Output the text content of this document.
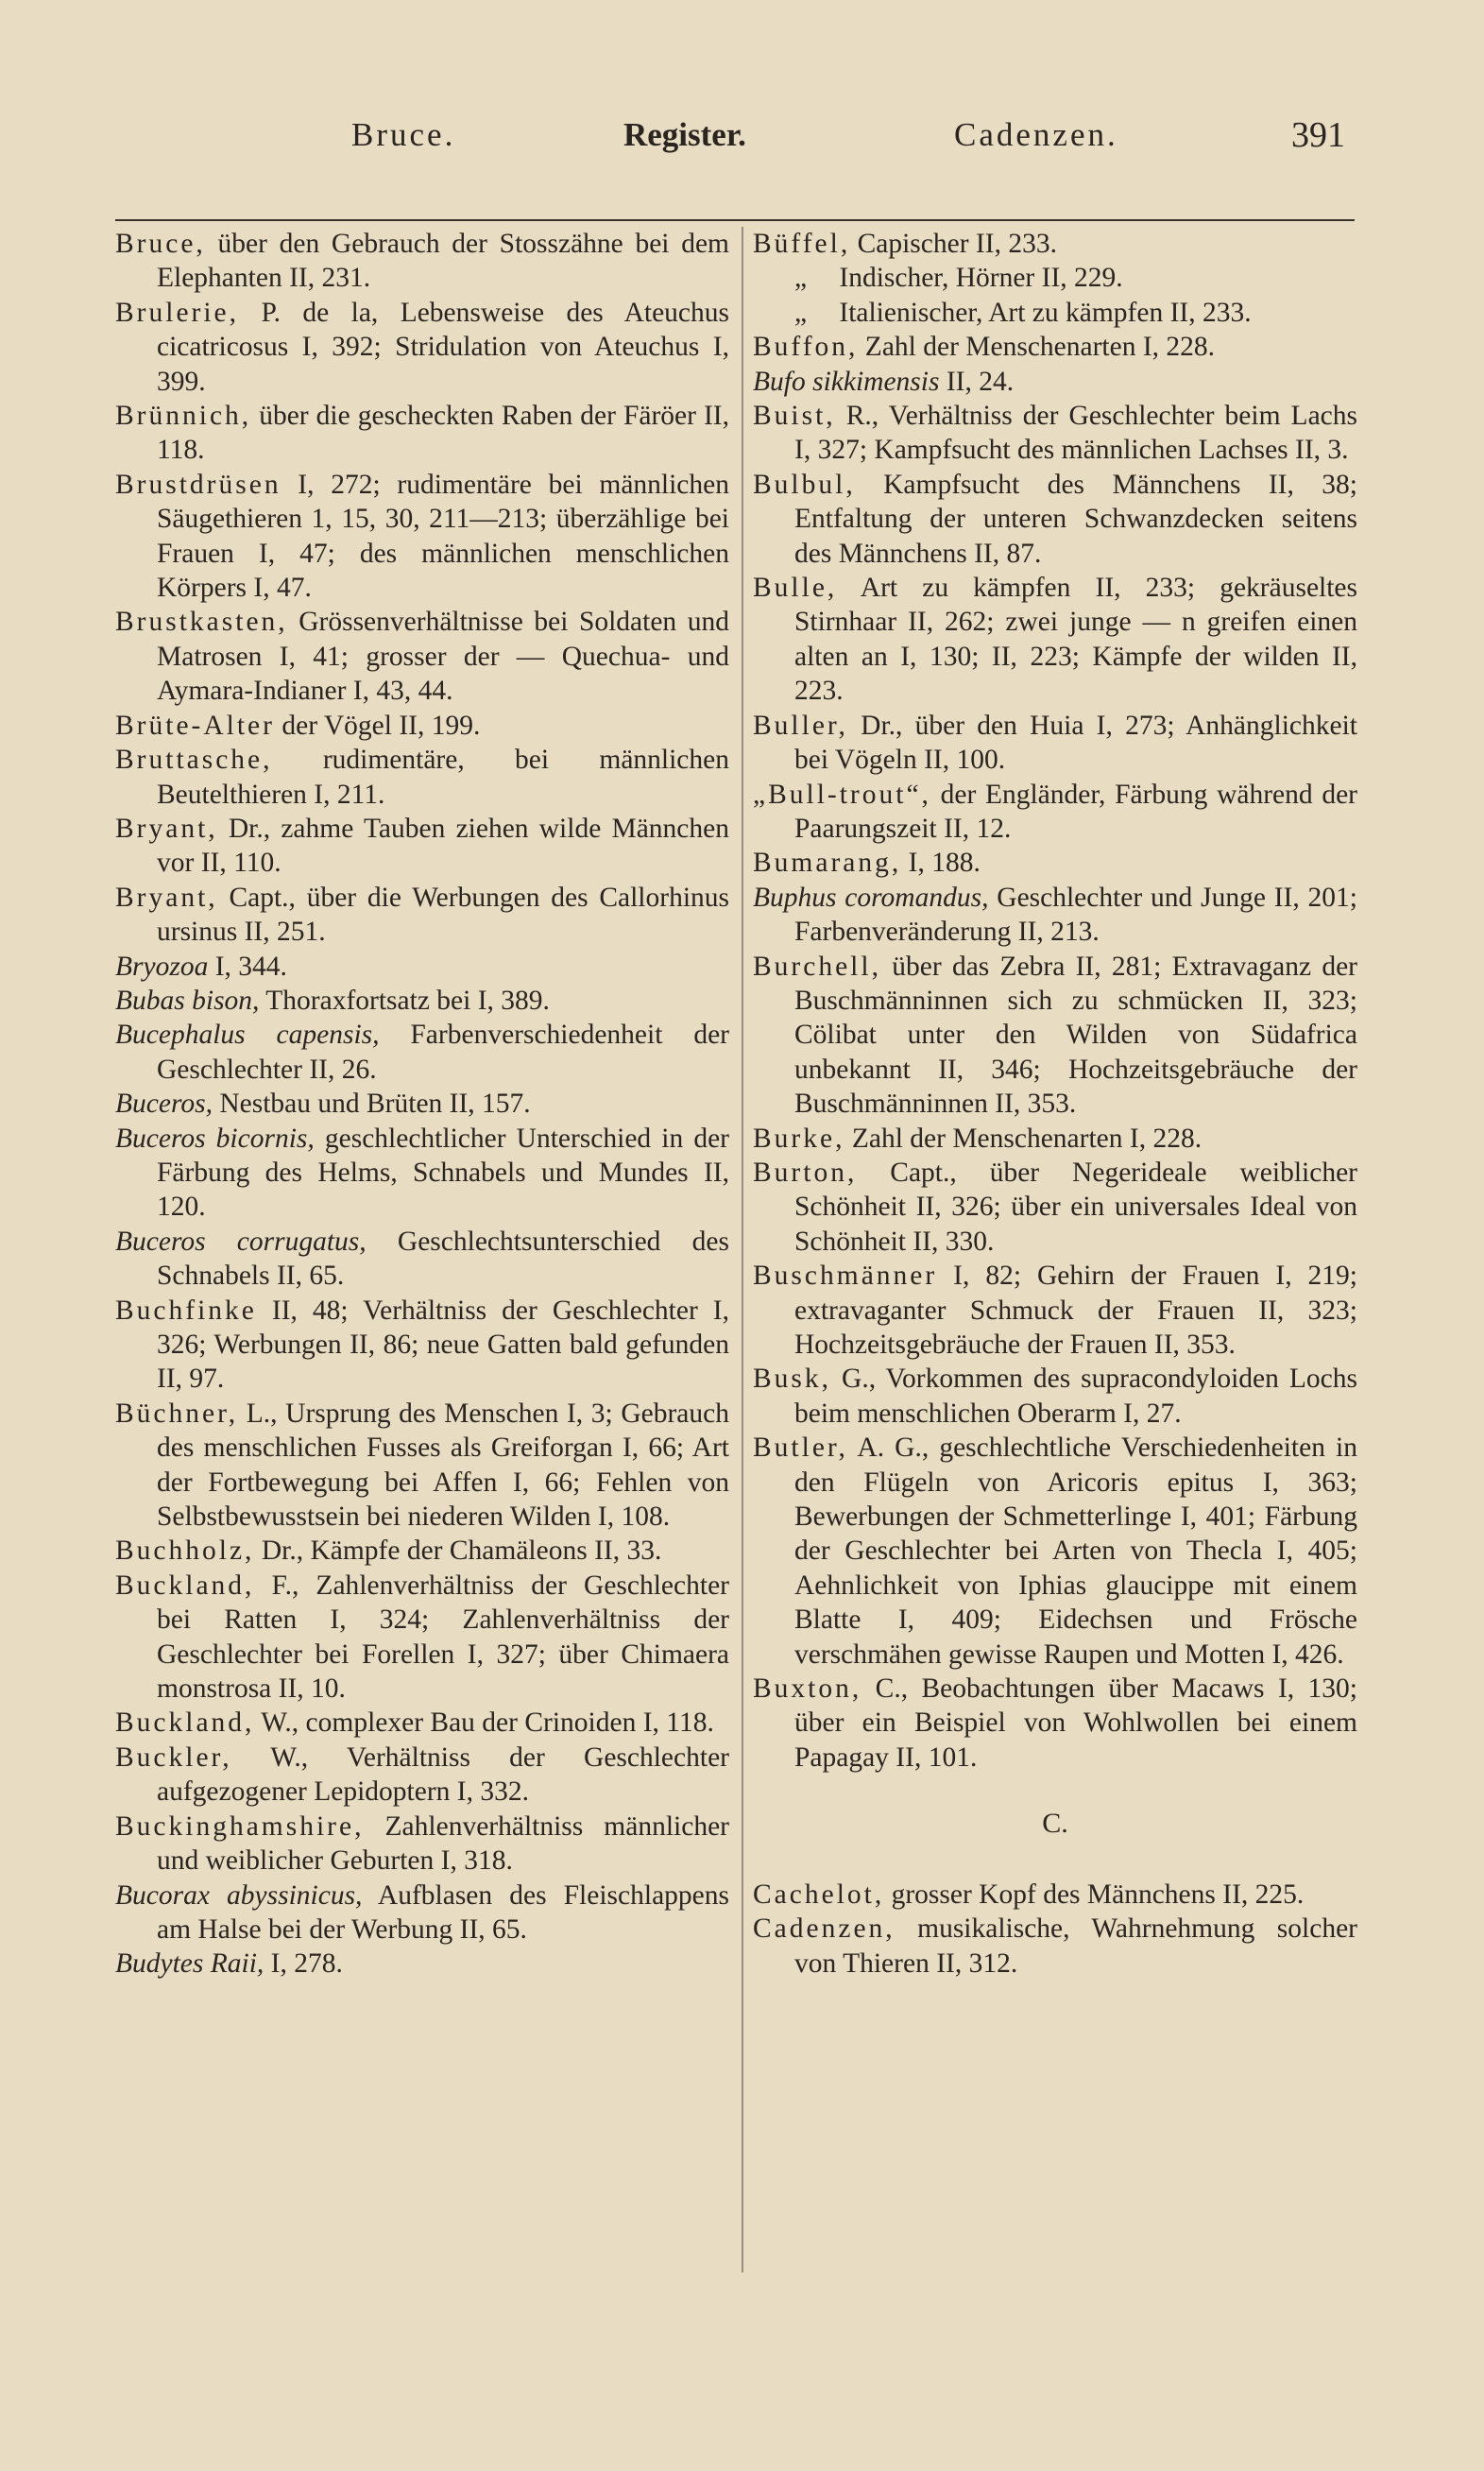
Bruce.	Register.	Cadenzen.	391

Bruce, über den Gebrauch der Stosszähne bei dem Elephanten II, 231.

Brulerie, P. de la, Lebensweise des Ateuchus cicatricosus I, 392; Stridulation von Ateuchus I, 399.

Brünnich, über die gescheckten Raben der Färöer II, 118.

Brustdrüsen I, 272; rudimentäre bei männlichen Säugethieren 1, 15, 30, 211—213; überzählige bei Frauen I, 47; des männlichen menschlichen Körpers I, 47.

Brustkasten, Grössenverhältnisse bei Soldaten und Matrosen I, 41; grosser der — Quechua- und Aymara-Indianer I, 43, 44.

Brüte-Alter der Vögel II, 199.

Bruttasche, rudimentäre, bei männlichen Beutelthieren I, 211.

Bryant, Dr., zahme Tauben ziehen wilde Männchen vor II, 110.

Bryant, Capt., über die Werbungen des Callorhinus ursinus II, 251.

Bryozoa I, 344.

Bubas bison, Thoraxfortsatz bei I, 389.

Bucephalus capensis, Farbenverschiedenheit der Geschlechter II, 26.

Buceros, Nestbau und Brüten II, 157.

Buceros bicornis, geschlechtlicher Unterschied in der Färbung des Helms, Schnabels und Mundes II, 120.

Buceros corrugatus, Geschlechtsunterschied des Schnabels II, 65.

Buchfinke II, 48; Verhältniss der Geschlechter I, 326; Werbungen II, 86; neue Gatten bald gefunden II, 97.

Büchner, L., Ursprung des Menschen I, 3; Gebrauch des menschlichen Fusses als Greiforgan I, 66; Art der Fortbewegung bei Affen I, 66; Fehlen von Selbstbewusstsein bei niederen Wilden I, 108.

Buchholz, Dr., Kämpfe der Chamäleons II, 33.

Buckland, F., Zahlenverhältniss der Geschlechter bei Ratten I, 324; Zahlenverhältniss der Geschlechter bei Forellen I, 327; über Chimaera monstrosa II, 10.

Buckland, W., complexer Bau der Crinoiden I, 118.

Buckler, W., Verhältniss der Geschlechter aufgezogener Lepidoptern I, 332.

Buckinghamshire, Zahlenverhältniss männlicher und weiblicher Geburten I, 318.

Bucorax abyssinicus, Aufblasen des Fleischlappens am Halse bei der Werbung II, 65.

Budytes Raii, I, 278.

Büffel, Capischer II, 233.

„ Indischer, Hörner II, 229.

„ Italienischer, Art zu kämpfen II, 233.

Buffon, Zahl der Menschenarten I, 228.

Bufo sikkimensis II, 24.

Buist, R., Verhältniss der Geschlechter beim Lachs I, 327; Kampfsucht des männlichen Lachses II, 3.

Bulbul, Kampfsucht des Männchens II, 38; Entfaltung der unteren Schwanzdecken seitens des Männchens II, 87.

Bulle, Art zu kämpfen II, 233; gekräuseltes Stirnhaar II, 262; zwei junge — n greifen einen alten an I, 130; II, 223; Kämpfe der wilden II, 223.

Buller, Dr., über den Huia I, 273; Anhänglichkeit bei Vögeln II, 100.

„Bull-trout“, der Engländer, Färbung während der Paarungszeit II, 12.

Bumarang, I, 188.

Buphus coromandus, Geschlechter und Junge II, 201; Farbenveränderung II, 213.

Burchell, über das Zebra II, 281; Extravaganz der Buschmänninnen sich zu schmücken II, 323; Cölibat unter den Wilden von Südafrica unbekannt II, 346; Hochzeitsgebräuche der Buschmänninnen II, 353.

Burke, Zahl der Menschenarten I, 228.

Burton, Capt., über Negerideale weiblicher Schönheit II, 326; über ein universales Ideal von Schönheit II, 330.

Buschmänner I, 82; Gehirn der Frauen I, 219; extravaganter Schmuck der Frauen II, 323; Hochzeitsgebräuche der Frauen II, 353.

Busk, G., Vorkommen des supracondyloiden Lochs beim menschlichen Oberarm I, 27.

Butler, A. G., geschlechtliche Verschiedenheiten in den Flügeln von Aricoris epitus I, 363; Bewerbungen der Schmetterlinge I, 401; Färbung der Geschlechter bei Arten von Thecla I, 405; Aehnlichkeit von Iphias glaucippe mit einem Blatte I, 409; Eidechsen und Frösche verschmähen gewisse Raupen und Motten I, 426.

Buxton, C., Beobachtungen über Macaws I, 130; über ein Beispiel von Wohlwollen bei einem Papagay II, 101.

C.

Cachelot, grosser Kopf des Männchens II, 225.

Cadenzen, musikalische, Wahrnehmung solcher von Thieren II, 312.
